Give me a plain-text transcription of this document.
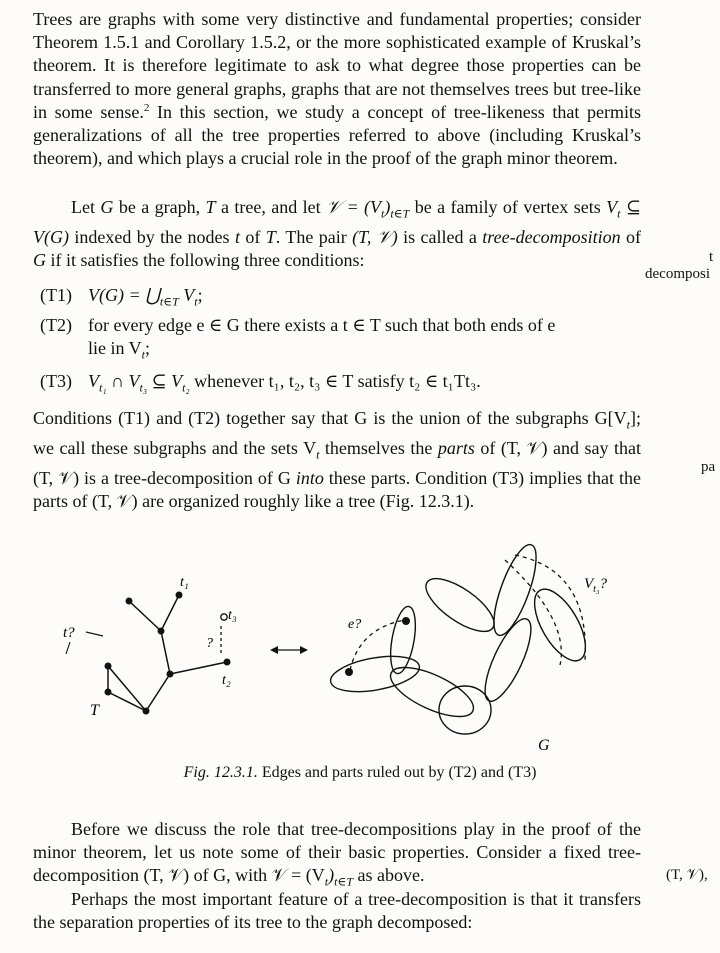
Trees are graphs with some very distinctive and fundamental properties; consider Theorem 1.5.1 and Corollary 1.5.2, or the more sophisticated example of Kruskal’s theorem. It is therefore legitimate to ask to what degree those properties can be transferred to more general graphs, graphs that are not themselves trees but tree-like in some sense.$^2$ In this section, we study a concept of tree-likeness that permits generalizations of all the tree properties referred to above (including Kruskal’s theorem), and which plays a crucial role in the proof of the graph minor theorem.

Let G be a graph, T a tree, and let 𝒱 = $(V_t)_{t\in T}$ be a family of vertex sets $V_t$ ⊆ V(G) indexed by the nodes t of T. The pair (T, 𝒱) is called a tree-decomposition of G if it satisfies the following three conditions:	t
decomposi
(T1) $V(G) = ⋃_{t\in T}$ $V_t$;
(T2) for every edge e ∈ G there exists a t ∈ T such that both ends of e
lie in $V_t$;
(T3) $V_{t_1}$ ∩ $V_{t_3}$ ⊆ $V_{t_2}$ whenever t₁, t₂, t₃ ∈ T satisfy t₂ ∈ t₁Tt₃.

Conditions (T1) and (T2) together say that G is the union of the subgraphs $G[V_t]$; we call these subgraphs and the sets $V_t$ themselves the parts of (T, 𝒱) and say that (T, 𝒱) is a tree-decomposition of G into these parts. Condition (T3) implies that the parts of (T, 𝒱) are organized roughly like a tree (Fig. 12.3.1).

pa
t₁
t₃
t₂
t?
?
T
e?
$V_{t_3}$?
G
Fig. 12.3.1. Edges and parts ruled out by (T2) and (T3)

Before we discuss the role that tree-decompositions play in the proof of the minor theorem, let us note some of their basic properties. Consider a fixed tree-decomposition (T, 𝒱) of G, with 𝒱 = $(V_t)_{t\in T}$ as above.	(T, 𝒱),

Perhaps the most important feature of a tree-decomposition is that it transfers the separation properties of its tree to the graph decomposed:
